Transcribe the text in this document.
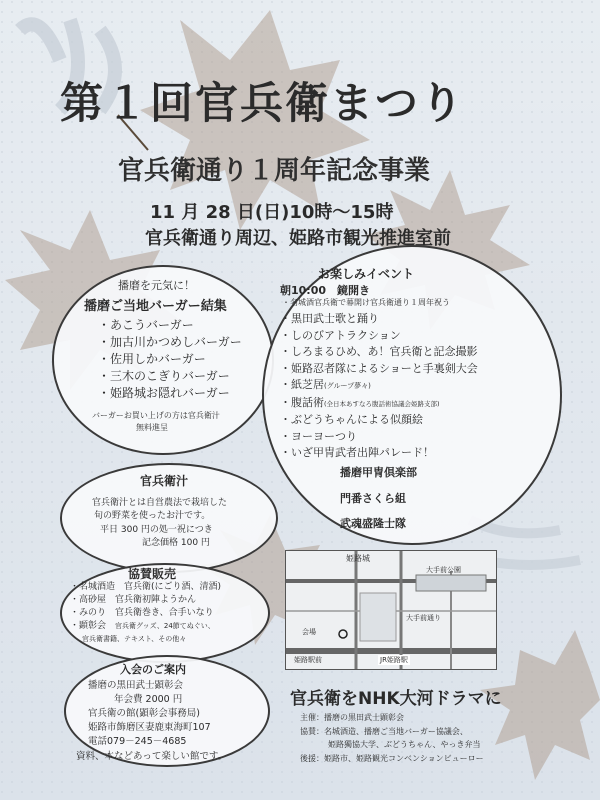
第１回官兵衛まつり
官兵衛通り１周年記念事業
11 月 28 日(日)10時～15時
官兵衛通り周辺、姫路市観光推進室前
播磨を元気に！
播磨ご当地バーガー結集
・あこうバーガー
・加古川かつめしバーガー
・佐用しかバーガー
・三木のこぎりバーガー
・姫路城お隠れバーガー
バーガーお買い上げの方は官兵衛汁
無料進呈
お楽しみイベント
朝10:00　鏡開き
・名城酒官兵衛で幕開け官兵衛通り１周年祝う
・黒田武士歌と踊り
・しのびアトラクション
・しろまるひめ、あ！官兵衛と記念撮影
・姫路忍者隊によるショーと手裏剣大会
・紙芝居(グループ夢々)
・腹話術(全日本あすなろ腹話術協議会姫路支部)
・ぶどうちゃんによる似顔絵
・ヨーヨーつり
・いざ甲冑武者出陣パレード！
播磨甲冑倶楽部
門番さくら組
武魂盛隆士隊
官兵衛汁
官兵衛汁とは自営農法で栽培した
旬の野菜を使ったお汁です。
平日 300 円の処一祝につき
記念価格 100 円
協賛販売
・名城酒造　官兵衛(にごり酒、清酒)
・高砂屋　官兵衛初陣ようかん
・みのり　官兵衛巻き、合手いなり
・顕彰会　 官兵衛グッズ、24節てぬぐい、
官兵衛書籍、テキスト、その他々
入会のご案内
播磨の黒田武士顕彰会
年会費 2000 円
官兵衛の館(顕彰会事務局)
姫路市飾磨区妻鹿東海町107
電話079－245－4685
資料、本などあって楽しい館です。
姫路城
大手前公園
会場
JR姫路駅
姫路駅前
大手前通り
官兵衛をNHK大河ドラマに
主催：播磨の黒田武士顕彰会
協賛：名城酒造、播磨ご当地バーガー協議会、
姫路獨協大学、ぶどうちゃん、やっき弁当
後援：姫路市、姫路観光コンベンションビューロー
